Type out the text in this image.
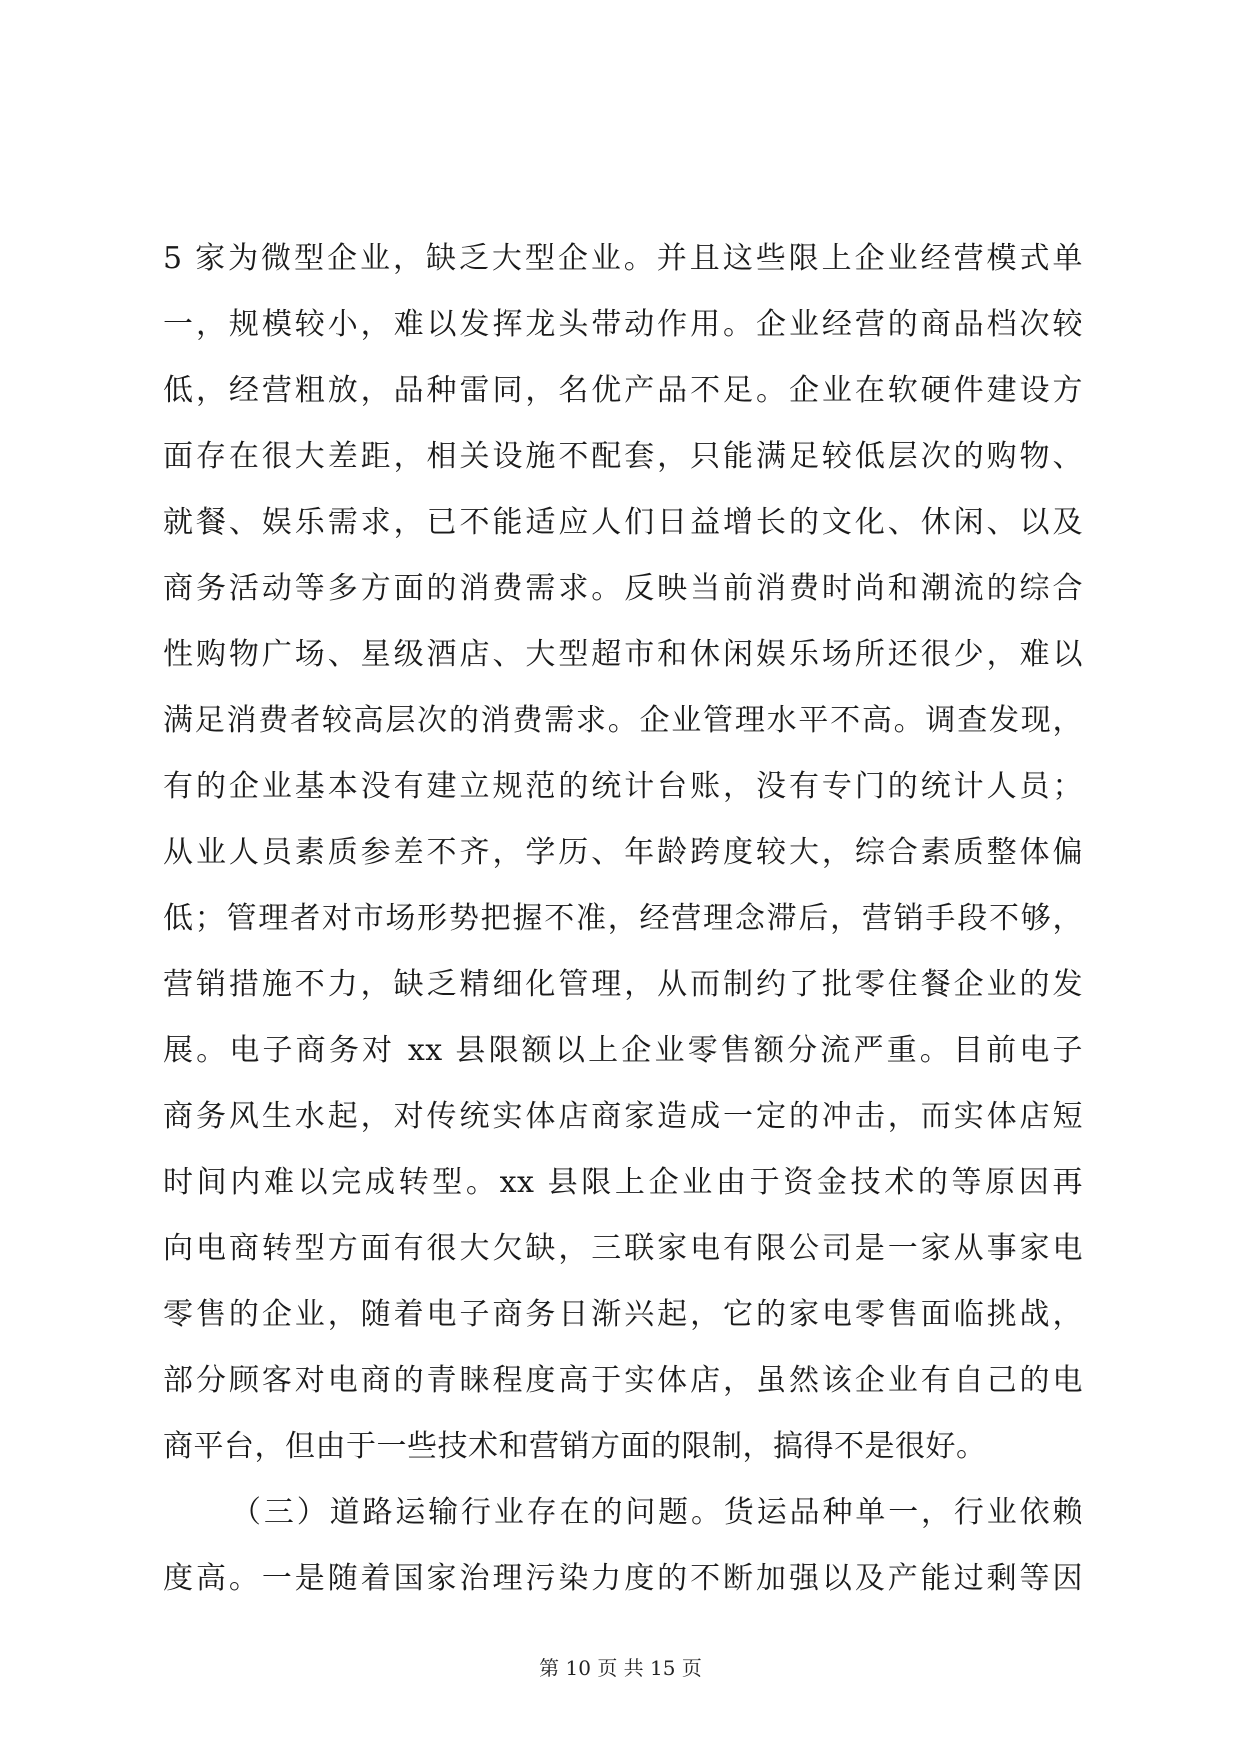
5 家为微型企业，缺乏大型企业。并且这些限上企业经营模式单
一，规模较小，难以发挥龙头带动作用。企业经营的商品档次较
低，经营粗放，品种雷同，名优产品不足。企业在软硬件建设方
面存在很大差距，相关设施不配套，只能满足较低层次的购物、
就餐、娱乐需求，已不能适应人们日益增长的文化、休闲、以及
商务活动等多方面的消费需求。反映当前消费时尚和潮流的综合
性购物广场、星级酒店、大型超市和休闲娱乐场所还很少，难以
满足消费者较高层次的消费需求。企业管理水平不高。调查发现，
有的企业基本没有建立规范的统计台账，没有专门的统计人员；
从业人员素质参差不齐，学历、年龄跨度较大，综合素质整体偏
低；管理者对市场形势把握不准，经营理念滞后，营销手段不够，
营销措施不力，缺乏精细化管理，从而制约了批零住餐企业的发
展。电子商务对 xx 县限额以上企业零售额分流严重。目前电子
商务风生水起，对传统实体店商家造成一定的冲击，而实体店短
时间内难以完成转型。xx 县限上企业由于资金技术的等原因再
向电商转型方面有很大欠缺，三联家电有限公司是一家从事家电
零售的企业，随着电子商务日渐兴起，它的家电零售面临挑战，
部分顾客对电商的青睐程度高于实体店，虽然该企业有自己的电
商平台，但由于一些技术和营销方面的限制，搞得不是很好。
（三）道路运输行业存在的问题。货运品种单一，行业依赖
度高。一是随着国家治理污染力度的不断加强以及产能过剩等因
第 10 页 共 15 页
